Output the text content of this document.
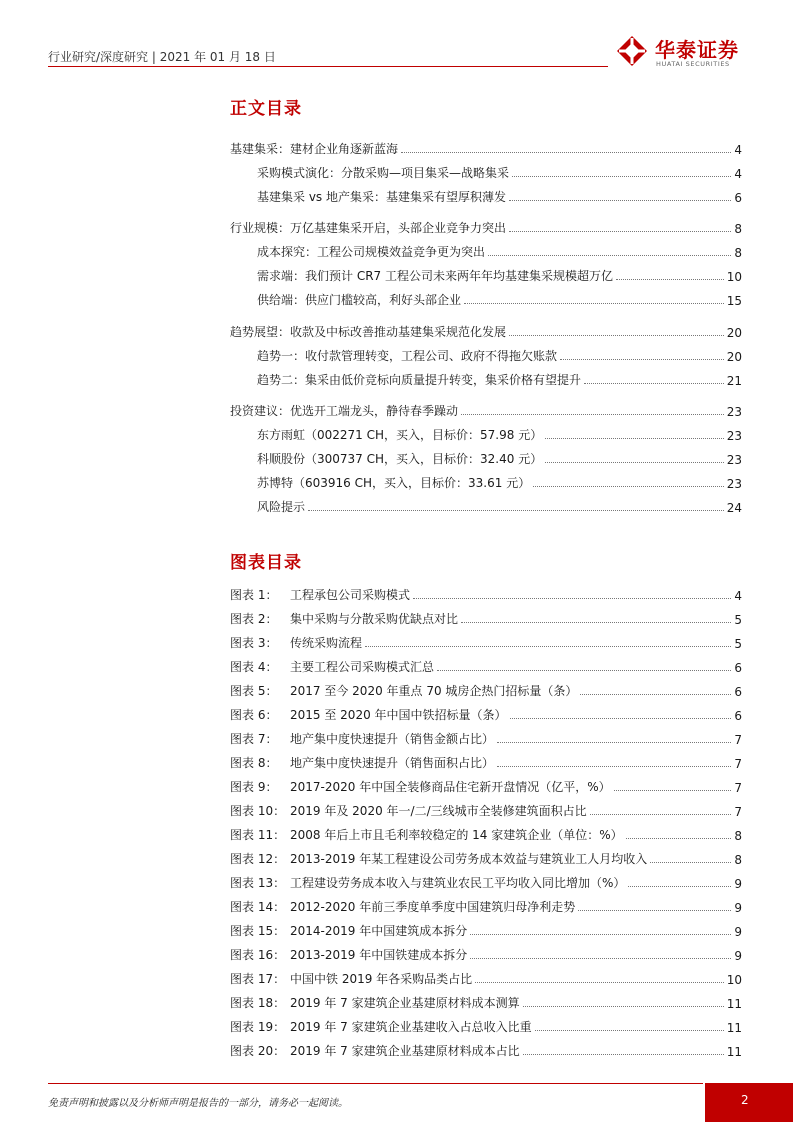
行业研究/深度研究 | 2021 年 01 月 18 日	华泰证券
HUATAI SECURITIES
正文目录
基建集采：建材企业角逐新蓝海	4
采购模式演化：分散采购—项目集采—战略集采	4
基建集采 vs 地产集采：基建集采有望厚积薄发	6
行业规模：万亿基建集采开启，头部企业竞争力突出	8
成本探究：工程公司规模效益竞争更为突出	8
需求端：我们预计 CR7 工程公司未来两年年均基建集采规模超万亿	10
供给端：供应门槛较高，利好头部企业	15
趋势展望：收款及中标改善推动基建集采规范化发展	20
趋势一：收付款管理转变，工程公司、政府不得拖欠账款	20
趋势二：集采由低价竞标向质量提升转变，集采价格有望提升	21
投资建议：优选开工端龙头，静待春季躁动	23
东方雨虹（002271 CH，买入，目标价：57.98 元）	23
科顺股份（300737 CH，买入，目标价：32.40 元）	23
苏博特（603916 CH，买入，目标价：33.61 元）	23
风险提示	24
图表目录
图表 1：	工程承包公司采购模式	4
图表 2：	集中采购与分散采购优缺点对比	5
图表 3：	传统采购流程	5
图表 4：	主要工程公司采购模式汇总	6
图表 5：	2017 至今 2020 年重点 70 城房企热门招标量（条）	6
图表 6：	2015 至 2020 年中国中铁招标量（条）	6
图表 7：	地产集中度快速提升（销售金额占比）	7
图表 8：	地产集中度快速提升（销售面积占比）	7
图表 9：	2017-2020 年中国全装修商品住宅新开盘情况（亿平，%）	7
图表 10： 2019 年及 2020 年一/二/三线城市全装修建筑面积占比	7
图表 11： 2008 年后上市且毛利率较稳定的 14 家建筑企业（单位：%）	8
图表 12： 2013-2019 年某工程建设公司劳务成本效益与建筑业工人月均收入	8
图表 13： 工程建设劳务成本收入与建筑业农民工平均收入同比增加（%）	9
图表 14： 2012-2020 年前三季度单季度中国建筑归母净利走势	9
图表 15： 2014-2019 年中国建筑成本拆分	9
图表 16： 2013-2019 年中国铁建成本拆分	9
图表 17： 中国中铁 2019 年各采购品类占比	10
图表 18： 2019 年 7 家建筑企业基建原材料成本测算	11
图表 19： 2019 年 7 家建筑企业基建收入占总收入比重	11
图表 20： 2019 年 7 家建筑企业基建原材料成本占比	11
免责声明和披露以及分析师声明是报告的一部分，请务必一起阅读。	2
